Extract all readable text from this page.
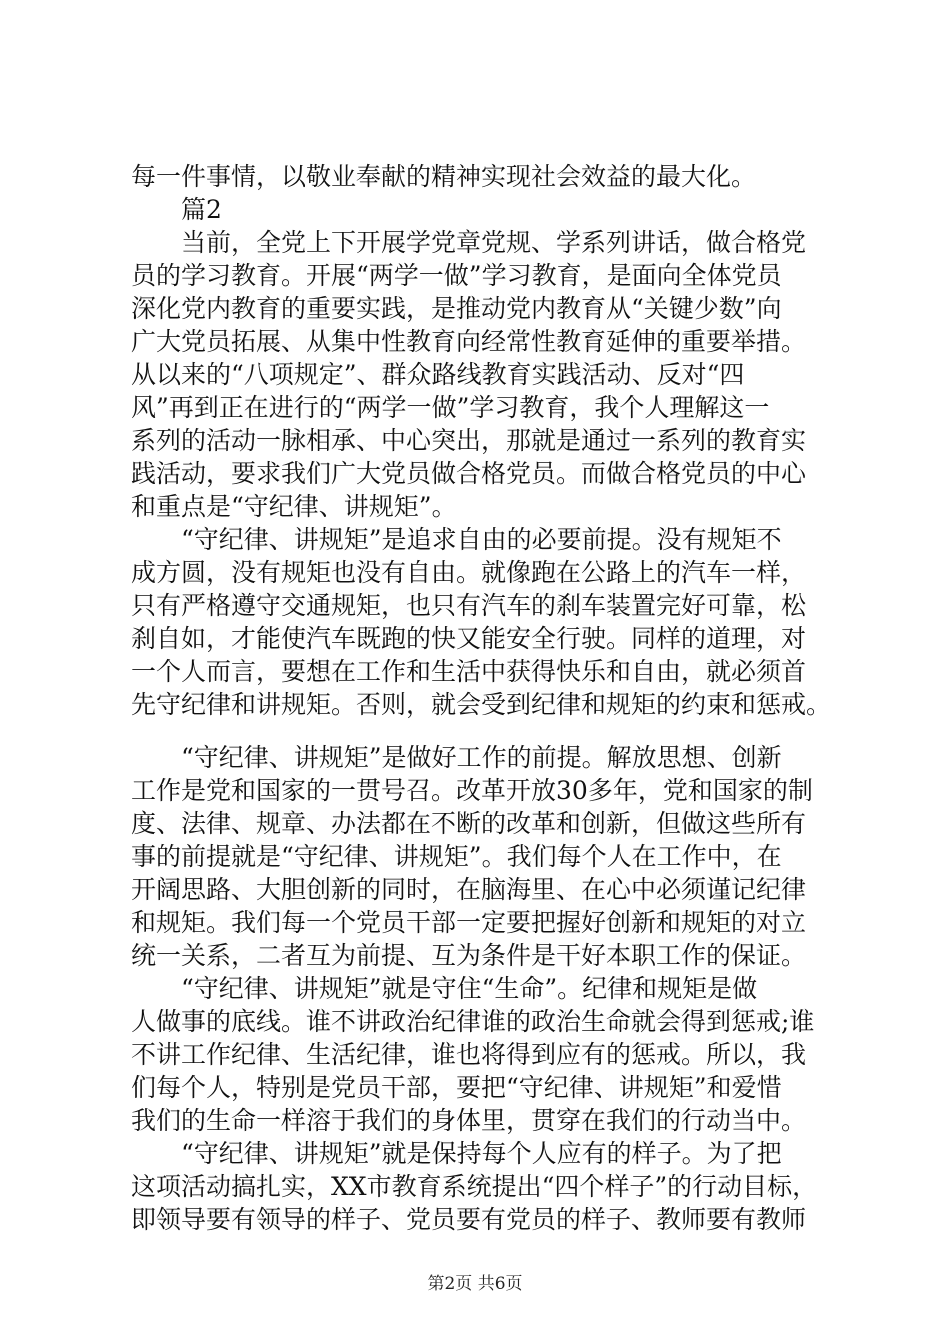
每一件事情，以敬业奉献的精神实现社会效益的最大化。
　　篇2
　　当前，全党上下开展学党章党规、学系列讲话，做合格党
员的学习教育。开展“两学一做”学习教育，是面向全体党员
深化党内教育的重要实践，是推动党内教育从“关键少数”向
广大党员拓展、从集中性教育向经常性教育延伸的重要举措。
从以来的“八项规定”、群众路线教育实践活动、反对“四
风”再到正在进行的“两学一做”学习教育，我个人理解这一
系列的活动一脉相承、中心突出，那就是通过一系列的教育实
践活动，要求我们广大党员做合格党员。而做合格党员的中心
和重点是“守纪律、讲规矩”。
　　“守纪律、讲规矩”是追求自由的必要前提。没有规矩不
成方圆，没有规矩也没有自由。就像跑在公路上的汽车一样，
只有严格遵守交通规矩，也只有汽车的刹车装置完好可靠，松
刹自如，才能使汽车既跑的快又能安全行驶。同样的道理，对
一个人而言，要想在工作和生活中获得快乐和自由，就必须首
先守纪律和讲规矩。否则，就会受到纪律和规矩的约束和惩戒。
　　“守纪律、讲规矩”是做好工作的前提。解放思想、创新
工作是党和国家的一贯号召。改革开放30多年，党和国家的制
度、法律、规章、办法都在不断的改革和创新，但做这些所有
事的前提就是“守纪律、讲规矩”。我们每个人在工作中，在
开阔思路、大胆创新的同时，在脑海里、在心中必须谨记纪律
和规矩。我们每一个党员干部一定要把握好创新和规矩的对立
统一关系，二者互为前提、互为条件是干好本职工作的保证。
　　“守纪律、讲规矩”就是守住“生命”。纪律和规矩是做
人做事的底线。谁不讲政治纪律谁的政治生命就会得到惩戒;谁
不讲工作纪律、生活纪律，谁也将得到应有的惩戒。所以，我
们每个人，特别是党员干部，要把“守纪律、讲规矩”和爱惜
我们的生命一样溶于我们的身体里，贯穿在我们的行动当中。
第2页 共6页
　　“守纪律、讲规矩”就是保持每个人应有的样子。为了把
这项活动搞扎实，XX市教育系统提出“四个样子”的行动目标，
即领导要有领导的样子、党员要有党员的样子、教师要有教师
